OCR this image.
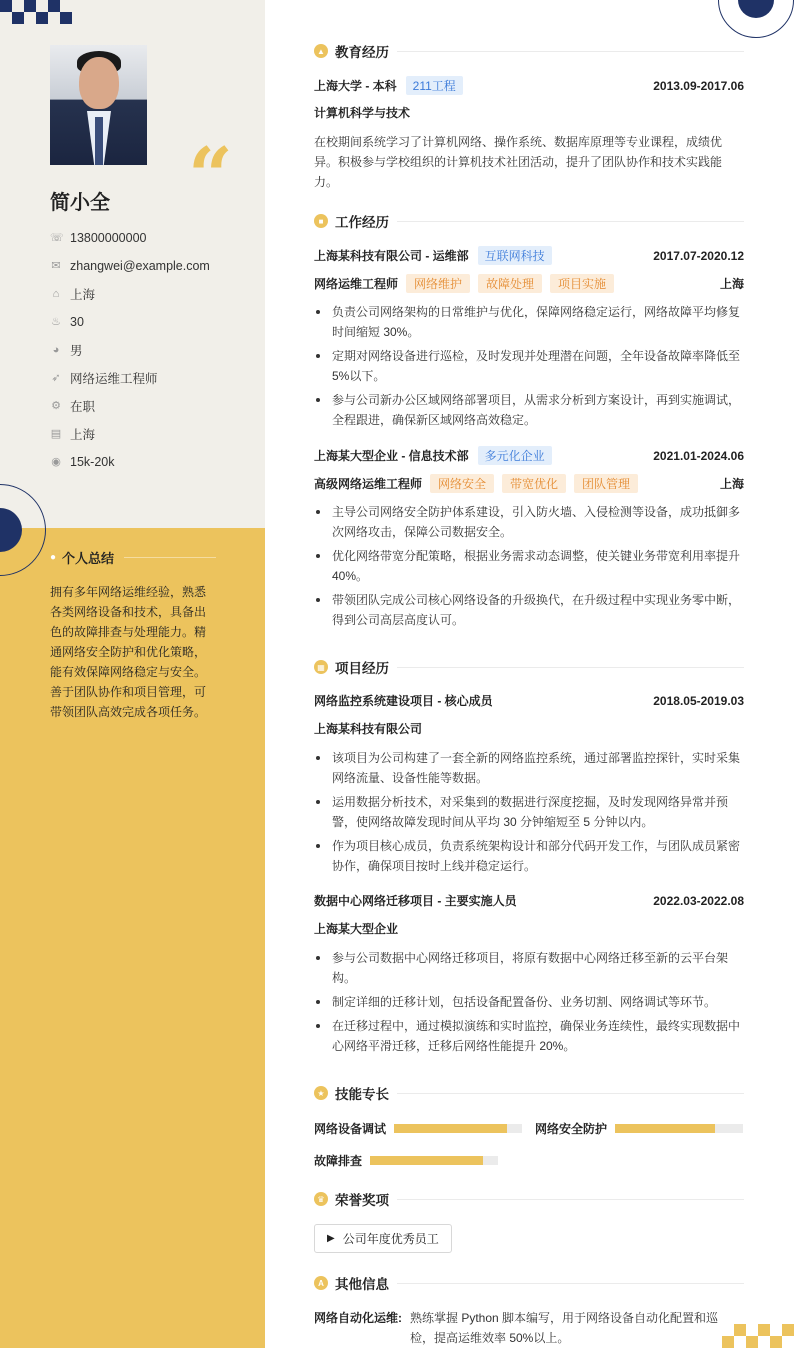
“
简小全
☏ 13800000000
✉ zhangwei@example.com
⌂ 上海
♨ 30
◕ 男
➶ 网络运维工程师
⚙ 在职
▤ 上海
◉ 15k-20k
● 个人总结
拥有多年网络运维经验，熟悉各类网络设备和技术，具备出色的故障排查与处理能力。精通网络安全防护和优化策略，能有效保障网络稳定与安全。善于团队协作和项目管理，可带领团队高效完成各项任务。
▲ 教育经历
上海大学 - 本科	211工程	2013.09-2017.06
计算机科学与技术
在校期间系统学习了计算机网络、操作系统、数据库原理等专业课程，成绩优异。积极参与学校组织的计算机技术社团活动，提升了团队协作和技术实践能力。
■ 工作经历
上海某科技有限公司 - 运维部	互联网科技	2017.07-2020.12
网络运维工程师	网络维护	故障处理	项目实施	上海
负责公司网络架构的日常维护与优化，保障网络稳定运行，网络故障平均修复时间缩短 30%。
定期对网络设备进行巡检，及时发现并处理潜在问题，全年设备故障率降低至5%以下。
参与公司新办公区域网络部署项目，从需求分析到方案设计，再到实施调试，全程跟进，确保新区域网络高效稳定。
上海某大型企业 - 信息技术部	多元化企业	2021.01-2024.06
高级网络运维工程师	网络安全	带宽优化	团队管理	上海
主导公司网络安全防护体系建设，引入防火墙、入侵检测等设备，成功抵御多次网络攻击，保障公司数据安全。
优化网络带宽分配策略，根据业务需求动态调整，使关键业务带宽利用率提升40%。
带领团队完成公司核心网络设备的升级换代，在升级过程中实现业务零中断，得到公司高层高度认可。
▦ 项目经历
网络监控系统建设项目 - 核心成员	2018.05-2019.03
上海某科技有限公司
该项目为公司构建了一套全新的网络监控系统，通过部署监控探针，实时采集网络流量、设备性能等数据。
运用数据分析技术，对采集到的数据进行深度挖掘，及时发现网络异常并预警，使网络故障发现时间从平均 30 分钟缩短至 5 分钟以内。
作为项目核心成员，负责系统架构设计和部分代码开发工作，与团队成员紧密协作，确保项目按时上线并稳定运行。
数据中心网络迁移项目 - 主要实施人员	2022.03-2022.08
上海某大型企业
参与公司数据中心网络迁移项目，将原有数据中心网络迁移至新的云平台架构。
制定详细的迁移计划，包括设备配置备份、业务切割、网络调试等环节。
在迁移过程中，通过模拟演练和实时监控，确保业务连续性，最终实现数据中心网络平滑迁移，迁移后网络性能提升 20%。
★ 技能专长
网络设备调试	网络安全防护
故障排查
♛ 荣誉奖项
▶ 公司年度优秀员工
A 其他信息
网络自动化运维: 熟练掌握 Python 脚本编写，用于网络设备自动化配置和巡检，提高运维效率 50%以上。
